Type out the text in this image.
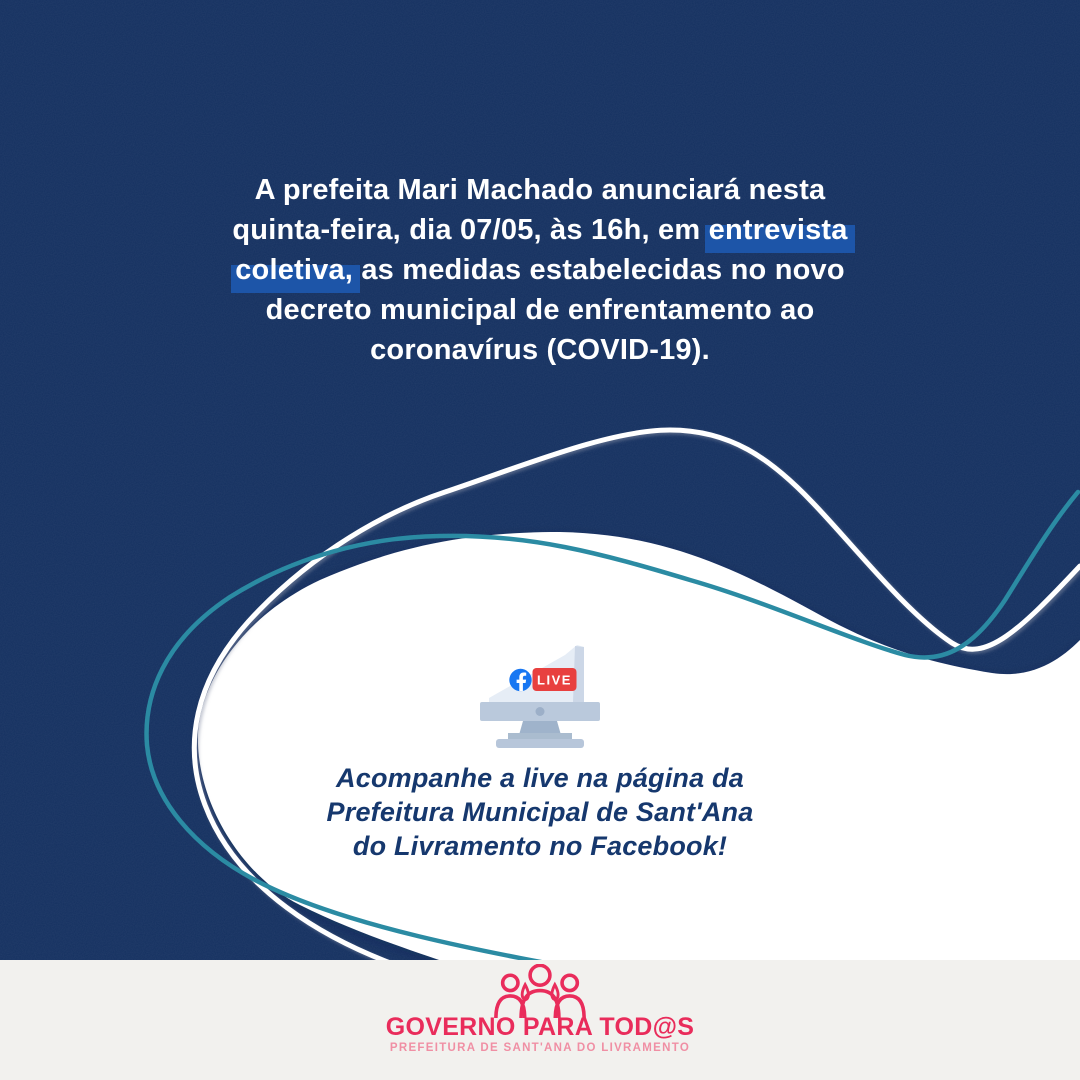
A prefeita Mari Machado anunciará nesta
quinta-feira, dia 07/05, às 16h, em entrevista
coletiva, as medidas estabelecidas no novo
decreto municipal de enfrentamento ao
coronavírus (COVID-19).
LIVE
Acompanhe a live na página da
Prefeitura Municipal de Sant'Ana
do Livramento no Facebook!
GOVERNO PARA TOD@S
PREFEITURA DE SANT'ANA DO LIVRAMENTO
